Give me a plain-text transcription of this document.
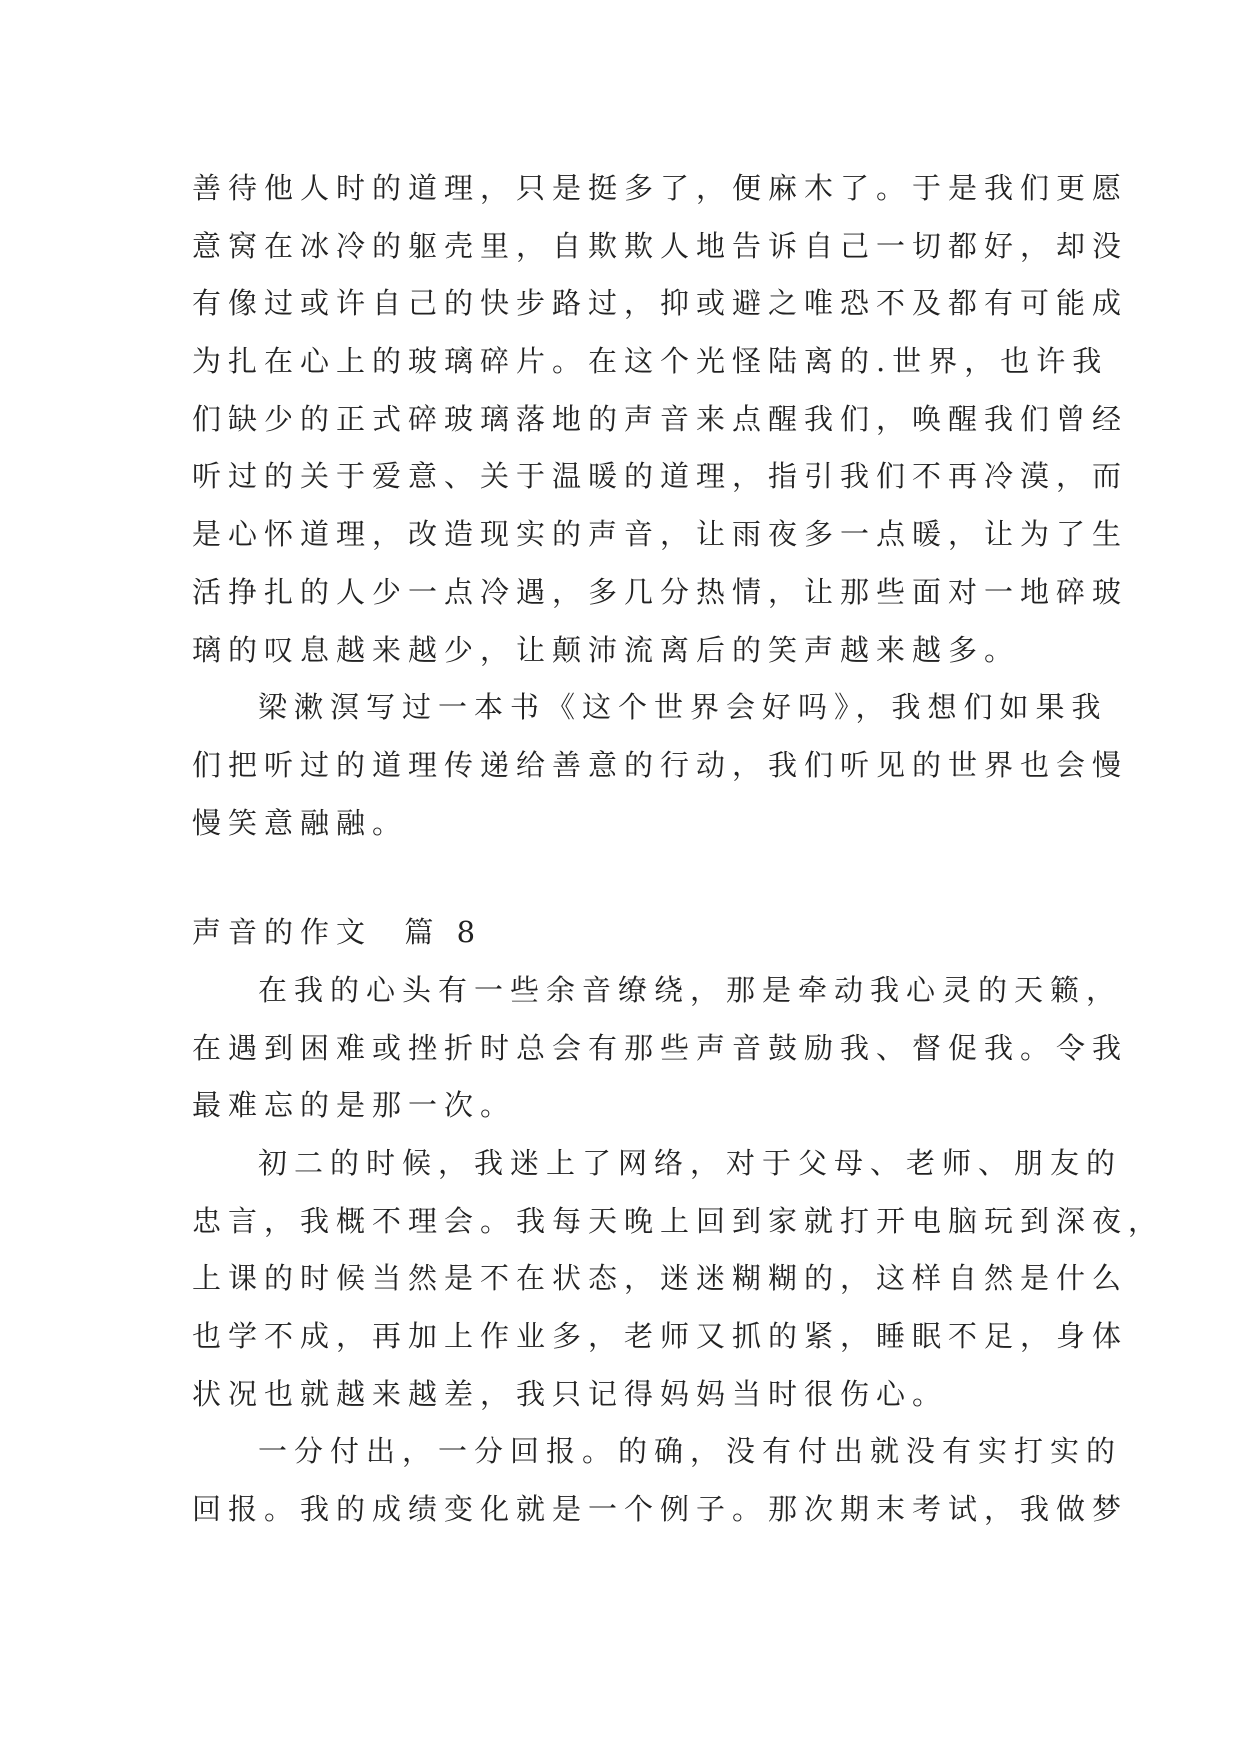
善待他人时的道理，只是挺多了，便麻木了。于是我们更愿
意窝在冰冷的躯壳里，自欺欺人地告诉自己一切都好，却没
有像过或许自己的快步路过，抑或避之唯恐不及都有可能成
为扎在心上的玻璃碎片。在这个光怪陆离的.世界，也许我
们缺少的正式碎玻璃落地的声音来点醒我们，唤醒我们曾经
听过的关于爱意、关于温暖的道理，指引我们不再冷漠，而
是心怀道理，改造现实的声音，让雨夜多一点暖，让为了生
活挣扎的人少一点冷遇，多几分热情，让那些面对一地碎玻
璃的叹息越来越少，让颠沛流离后的笑声越来越多。
梁漱溟写过一本书《这个世界会好吗》，我想们如果我
们把听过的道理传递给善意的行动，我们听见的世界也会慢
慢笑意融融。
声音的作文  篇 8
在我的心头有一些余音缭绕，那是牵动我心灵的天籁，
在遇到困难或挫折时总会有那些声音鼓励我、督促我。令我
最难忘的是那一次。
初二的时候，我迷上了网络，对于父母、老师、朋友的
忠言，我概不理会。我每天晚上回到家就打开电脑玩到深夜，
上课的时候当然是不在状态，迷迷糊糊的，这样自然是什么
也学不成，再加上作业多，老师又抓的紧，睡眠不足，身体
状况也就越来越差，我只记得妈妈当时很伤心。
一分付出，一分回报。的确，没有付出就没有实打实的
回报。我的成绩变化就是一个例子。那次期末考试，我做梦
